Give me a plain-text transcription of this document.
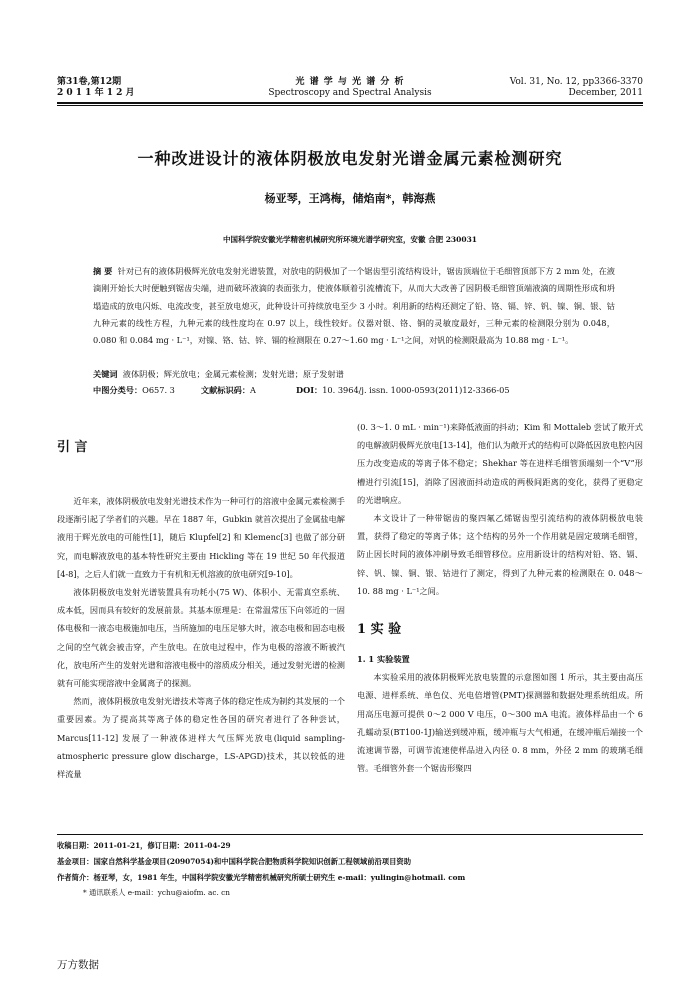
第31卷,第12期
2 0 1 1 年 1 2 月
光 谱 学 与 光 谱 分 析
Spectroscopy and Spectral Analysis
Vol. 31, No. 12, pp3366-3370
December, 2011
一种改进设计的液体阴极放电发射光谱金属元素检测研究
杨亚琴，王鸿梅，储焰南*，韩海燕
中国科学院安徽光学精密机械研究所环境光谱学研究室，安徽 合肥 230031
摘 要 针对已有的液体阴极辉光放电发射光谱装置，对放电的阴极加了一个锯齿型引流结构设计，锯齿顶端位于毛细管顶部下方 2 mm 处，在液滴刚开始长大时便触到锯齿尖端，进而破坏液滴的表面张力，使液体顺着引流槽流下，从而大大改善了因阴极毛细管顶端液滴的周期性形成和坍塌造成的放电闪烁、电流改变，甚至放电熄灭，此种设计可持续放电至少 3 小时。利用新的结构还测定了铅、铬、镉、锌、钒、镍、铜、银、钴九种元素的线性方程，九种元素的线性度均在 0.97 以上，线性较好。仪器对银、铬、铜的灵敏度最好，三种元素的检测限分别为 0.048，0.080 和 0.084 mg · L⁻¹，对镍、铬、钴、锌、镉的检测限在 0.27～1.60 mg · L⁻¹之间，对钒的检测限最高为 10.88 mg · L⁻¹。
关键词 液体阴极；辉光放电；金属元素检测；发射光谱；原子发射谱
中图分类号：O657. 3	文献标识码：A	DOI：10. 3964/j. issn. 1000-0593(2011)12-3366-05
引 言

近年来，液体阴极放电发射光谱技术作为一种可行的溶液中金属元素检测手段逐渐引起了学者们的兴趣。早在 1887 年，Gubkin 就首次提出了金属盐电解液用于辉光放电的可能性[1]，随后 Klupfel[2] 和 Klemenc[3] 也做了部分研究，而电解液放电的基本特性研究主要由 Hickling 等在 19 世纪 50 年代报道[4-8]，之后人们就一直致力于有机和无机溶液的放电研究[9-10]。

液体阴极放电发射光谱装置具有功耗小(75 W)、体积小、无需真空系统、成本低，因而具有较好的发展前景。其基本原理是：在常温常压下向邻近的一固体电极和一液态电极施加电压，当所施加的电压足够大时，液态电极和固态电极之间的空气就会被击穿，产生放电。在放电过程中，作为电极的溶液不断被汽化，放电所产生的发射光谱和溶液电极中的溶质成分相关，通过发射光谱的检测就有可能实现溶液中金属离子的探测。

然而，液体阴极放电发射光谱技术等离子体的稳定性成为制约其发展的一个重要因素。为了提高其等离子体的稳定性各国的研究者进行了各种尝试，Marcus[11-12] 发展了一种液体进样大气压辉光放电(liquid sampling-atmospheric pressure glow discharge，LS-APGD)技术，其以较低的进样流量

(0. 3～1. 0 mL · min⁻¹)来降低液面的抖动；Kim 和 Mottaleb 尝试了敞开式的电解液阴极辉光放电[13-14]，他们认为敞开式的结构可以降低因放电腔内因压力改变造成的等离子体不稳定；Shekhar 等在进样毛细管顶端刻一个“V”形槽进行引流[15]，消除了因液面抖动造成的两极间距离的变化，获得了更稳定的光谱响应。

本文设计了一种带锯齿的聚四氟乙烯锯齿型引流结构的液体阴极放电装置，获得了稳定的等离子体；这个结构的另外一个作用就是固定玻璃毛细管，防止因长时间的液体冲刷导致毛细管移位。应用新设计的结构对铅、铬、镉、锌、钒、镍、铜、银、钴进行了测定，得到了九种元素的检测限在 0. 048～10. 88 mg · L⁻¹之间。

1 实 验
1. 1 实验装置

本实验采用的液体阴极辉光放电装置的示意图如图 1 所示，其主要由高压电源、进样系统、单色仪、光电倍增管(PMT)探测器和数据处理系统组成。所用高压电源可提供 0～2 000 V 电压，0～300 mA 电流。液体样品由一个 6 孔蠕动泵(BT100-1J)输送到缓冲瓶，缓冲瓶与大气相通，在缓冲瓶后端接一个流速调节器，可调节流速使样品进入内径 0. 8 mm，外径 2 mm 的玻璃毛细管。毛细管外套一个锯齿形聚四

收稿日期：2011-01-21，修订日期：2011-04-29
基金项目：国家自然科学基金项目(20907054)和中国科学院合肥物质科学院知识创新工程领域前沿项目资助
作者简介：杨亚琴，女，1981 年生，中国科学院安徽光学精密机械研究所硕士研究生 e-mail：yulingin@hotmail. com
* 通讯联系人 e-mail：ychu@aiofm. ac. cn
万方数据
